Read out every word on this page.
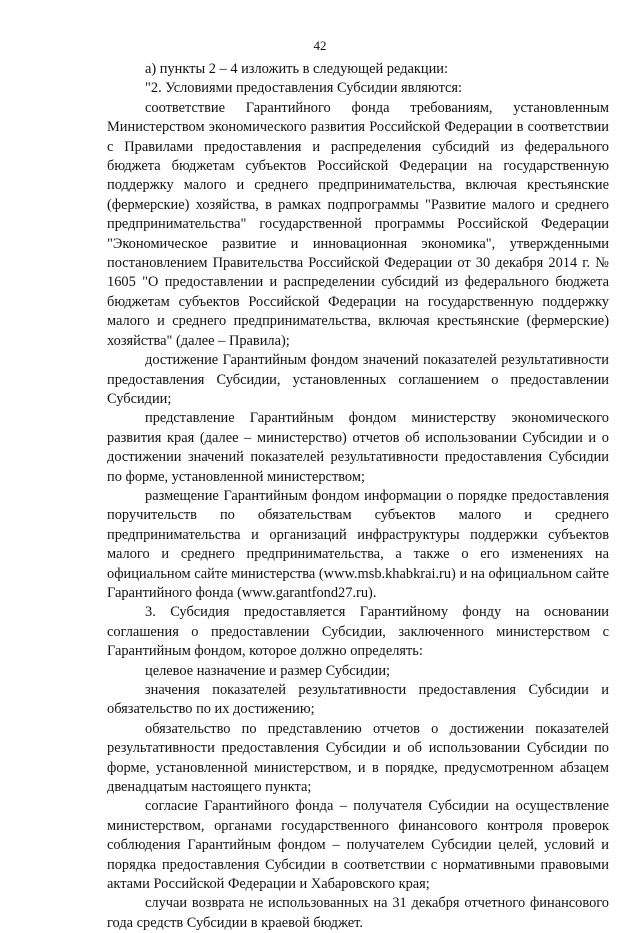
42

а) пункты 2 – 4 изложить в следующей редакции:

"2. Условиями предоставления Субсидии являются:

соответствие Гарантийного фонда требованиям, установленным Министерством экономического развития Российской Федерации в соответствии с Правилами предоставления и распределения субсидий из федерального бюджета бюджетам субъектов Российской Федерации на государственную поддержку малого и среднего предпринимательства, включая крестьянские (фермерские) хозяйства, в рамках подпрограммы "Развитие малого и среднего предпринимательства" государственной программы Российской Федерации "Экономическое развитие и инновационная экономика", утвержденными постановлением Правительства Российской Федерации от 30 декабря 2014 г. № 1605 "О предоставлении и распределении субсидий из федерального бюджета бюджетам субъектов Российской Федерации на государственную поддержку малого и среднего предпринимательства, включая крестьянские (фермерские) хозяйства" (далее – Правила);

достижение Гарантийным фондом значений показателей результативности предоставления Субсидии, установленных соглашением о предоставлении Субсидии;

представление Гарантийным фондом министерству экономического развития края (далее – министерство) отчетов об использовании Субсидии и о достижении значений показателей результативности предоставления Субсидии по форме, установленной министерством;

размещение Гарантийным фондом информации о порядке предоставления поручительств по обязательствам субъектов малого и среднего предпринимательства и организаций инфраструктуры поддержки субъектов малого и среднего предпринимательства, а также о его изменениях на официальном сайте министерства (www.msb.khabkrai.ru) и на официальном сайте Гарантийного фонда (www.garantfond27.ru).

3. Субсидия предоставляется Гарантийному фонду на основании соглашения о предоставлении Субсидии, заключенного министерством с Гарантийным фондом, которое должно определять:

целевое назначение и размер Субсидии;

значения показателей результативности предоставления Субсидии и обязательство по их достижению;

обязательство по представлению отчетов о достижении показателей результативности предоставления Субсидии и об использовании Субсидии по форме, установленной министерством, и в порядке, предусмотренном абзацем двенадцатым настоящего пункта;

согласие Гарантийного фонда – получателя Субсидии на осуществление министерством, органами государственного финансового контроля проверок соблюдения Гарантийным фондом – получателем Субсидии целей, условий и порядка предоставления Субсидии в соответствии с нормативными правовыми актами Российской Федерации и Хабаровского края;

случаи возврата не использованных на 31 декабря отчетного финансового года средств Субсидии в краевой бюджет.
